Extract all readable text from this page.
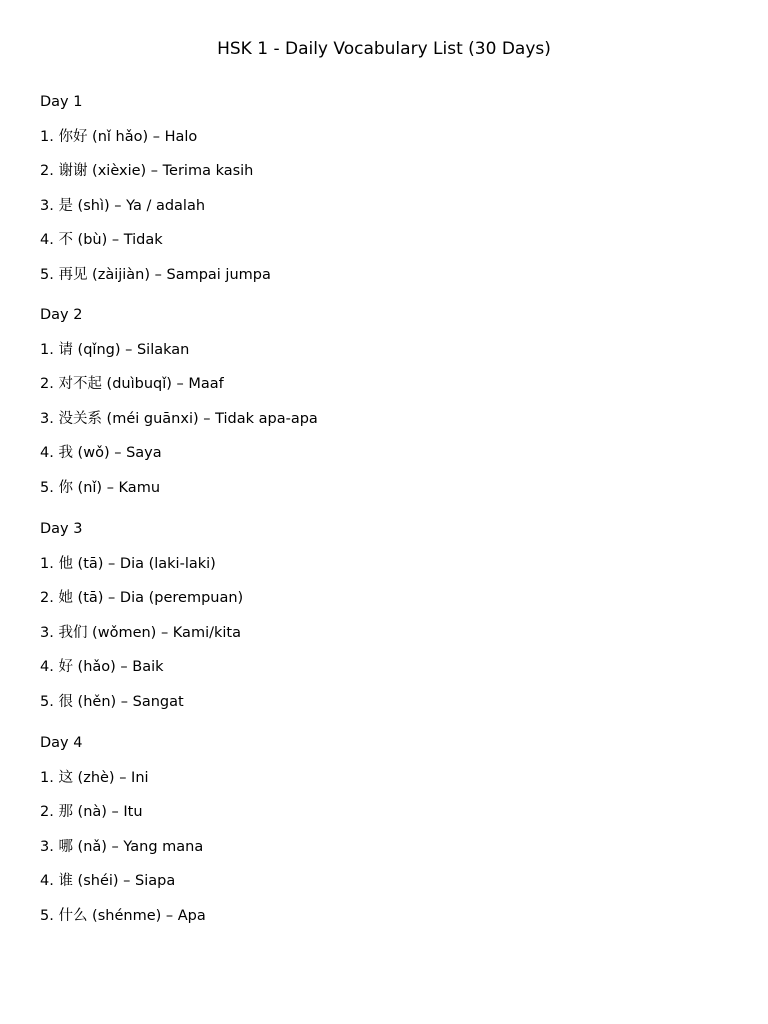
HSK 1 - Daily Vocabulary List (30 Days)
Day 1
1. 你好 (nǐ hǎo) – Halo
2. 谢谢 (xièxie) – Terima kasih
3. 是 (shì) – Ya / adalah
4. 不 (bù) – Tidak
5. 再见 (zàijiàn) – Sampai jumpa
Day 2
1. 请 (qǐng) – Silakan
2. 对不起 (duìbuqǐ) – Maaf
3. 没关系 (méi guānxi) – Tidak apa-apa
4. 我 (wǒ) – Saya
5. 你 (nǐ) – Kamu
Day 3
1. 他 (tā) – Dia (laki-laki)
2. 她 (tā) – Dia (perempuan)
3. 我们 (wǒmen) – Kami/kita
4. 好 (hǎo) – Baik
5. 很 (hěn) – Sangat
Day 4
1. 这 (zhè) – Ini
2. 那 (nà) – Itu
3. 哪 (nǎ) – Yang mana
4. 谁 (shéi) – Siapa
5. 什么 (shénme) – Apa
